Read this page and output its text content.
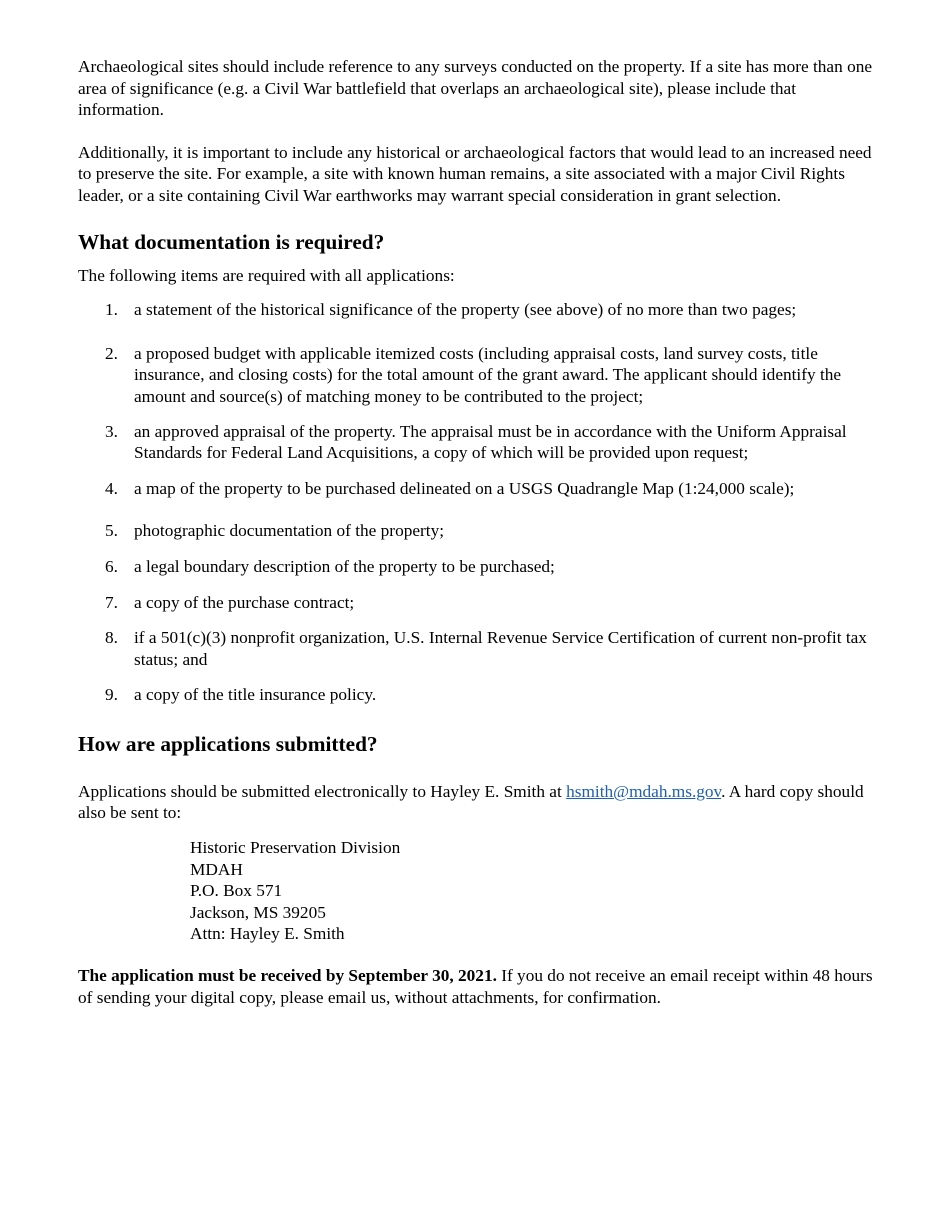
Archaeological sites should include reference to any surveys conducted on the property. If a site has more than one area of significance (e.g. a Civil War battlefield that overlaps an archaeological site), please include that information.

Additionally, it is important to include any historical or archaeological factors that would lead to an increased need to preserve the site. For example, a site with known human remains, a site associated with a major Civil Rights leader, or a site containing Civil War earthworks may warrant special consideration in grant selection.

What documentation is required?

The following items are required with all applications:

1. a statement of the historical significance of the property (see above) of no more than two pages;
2. a proposed budget with applicable itemized costs (including appraisal costs, land survey costs, title insurance, and closing costs) for the total amount of the grant award. The applicant should identify the amount and source(s) of matching money to be contributed to the project;
3. an approved appraisal of the property. The appraisal must be in accordance with the Uniform Appraisal Standards for Federal Land Acquisitions, a copy of which will be provided upon request;
4. a map of the property to be purchased delineated on a USGS Quadrangle Map (1:24,000 scale);
5. photographic documentation of the property;
6. a legal boundary description of the property to be purchased;
7. a copy of the purchase contract;
8. if a 501(c)(3) nonprofit organization, U.S. Internal Revenue Service Certification of current non-profit tax status; and
9. a copy of the title insurance policy.
How are applications submitted?

Applications should be submitted electronically to Hayley E. Smith at hsmith@mdah.ms.gov. A hard copy should also be sent to:

Historic Preservation Division
MDAH
P.O. Box 571
Jackson, MS 39205
Attn: Hayley E. Smith

The application must be received by September 30, 2021. If you do not receive an email receipt within 48 hours of sending your digital copy, please email us, without attachments, for confirmation.
